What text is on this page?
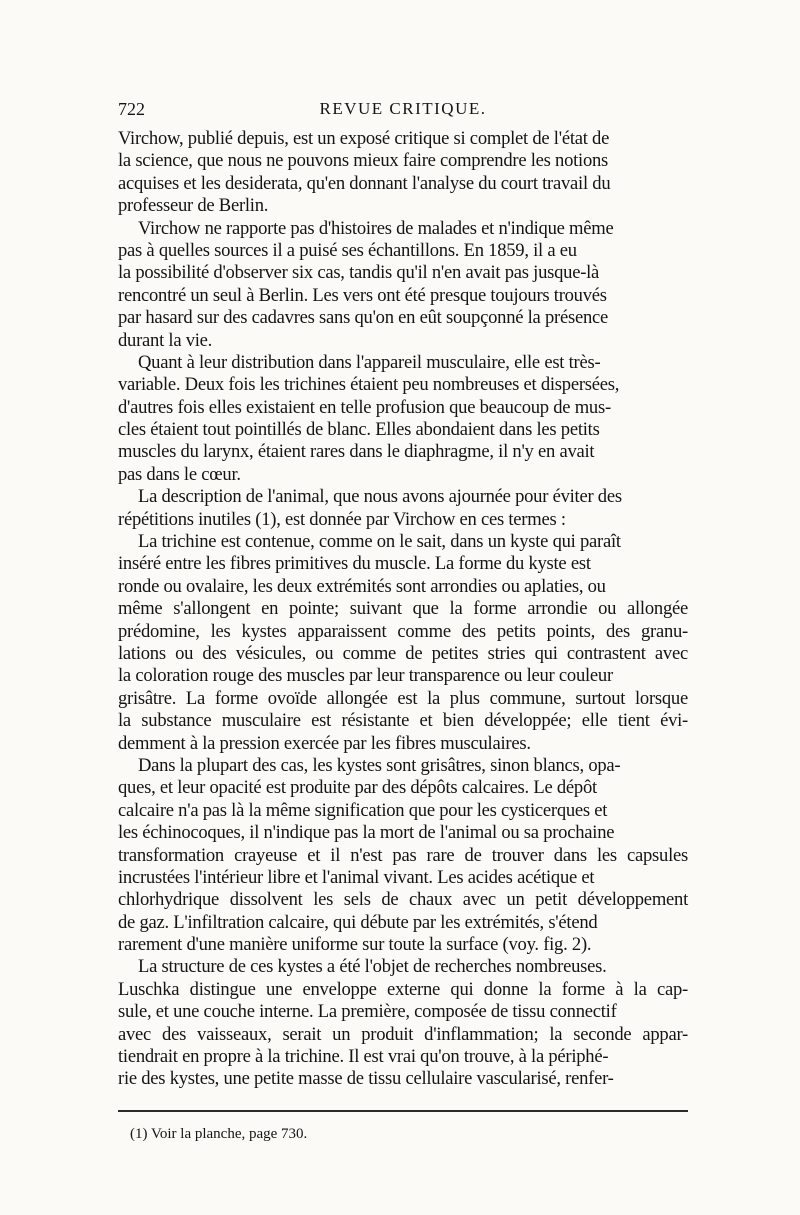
722	REVUE CRITIQUE.
Virchow, publié depuis, est un exposé critique si complet de l'état de
la science, que nous ne pouvons mieux faire comprendre les notions
acquises et les desiderata, qu'en donnant l'analyse du court travail du
professeur de Berlin.
Virchow ne rapporte pas d'histoires de malades et n'indique même
pas à quelles sources il a puisé ses échantillons. En 1859, il a eu
la possibilité d'observer six cas, tandis qu'il n'en avait pas jusque-là
rencontré un seul à Berlin. Les vers ont été presque toujours trouvés
par hasard sur des cadavres sans qu'on en eût soupçonné la présence
durant la vie.
Quant à leur distribution dans l'appareil musculaire, elle est très-
variable. Deux fois les trichines étaient peu nombreuses et dispersées,
d'autres fois elles existaient en telle profusion que beaucoup de mus-
cles étaient tout pointillés de blanc. Elles abondaient dans les petits
muscles du larynx, étaient rares dans le diaphragme, il n'y en avait
pas dans le cœur.
La description de l'animal, que nous avons ajournée pour éviter des
répétitions inutiles (1), est donnée par Virchow en ces termes :
La trichine est contenue, comme on le sait, dans un kyste qui paraît
inséré entre les fibres primitives du muscle. La forme du kyste est
ronde ou ovalaire, les deux extrémités sont arrondies ou aplaties, ou
même s'allongent en pointe; suivant que la forme arrondie ou allongée
prédomine, les kystes apparaissent comme des petits points, des granu-
lations ou des vésicules, ou comme de petites stries qui contrastent avec
la coloration rouge des muscles par leur transparence ou leur couleur
grisâtre. La forme ovoïde allongée est la plus commune, surtout lorsque
la substance musculaire est résistante et bien développée; elle tient évi-
demment à la pression exercée par les fibres musculaires.
Dans la plupart des cas, les kystes sont grisâtres, sinon blancs, opa-
ques, et leur opacité est produite par des dépôts calcaires. Le dépôt
calcaire n'a pas là la même signification que pour les cysticerques et
les échinocoques, il n'indique pas la mort de l'animal ou sa prochaine
transformation crayeuse et il n'est pas rare de trouver dans les capsules
incrustées l'intérieur libre et l'animal vivant. Les acides acétique et
chlorhydrique dissolvent les sels de chaux avec un petit développement
de gaz. L'infiltration calcaire, qui débute par les extrémités, s'étend
rarement d'une manière uniforme sur toute la surface (voy. fig. 2).
La structure de ces kystes a été l'objet de recherches nombreuses.
Luschka distingue une enveloppe externe qui donne la forme à la cap-
sule, et une couche interne. La première, composée de tissu connectif
avec des vaisseaux, serait un produit d'inflammation; la seconde appar-
tiendrait en propre à la trichine. Il est vrai qu'on trouve, à la périphé-
rie des kystes, une petite masse de tissu cellulaire vascularisé, renfer-
(1) Voir la planche, page 730.
